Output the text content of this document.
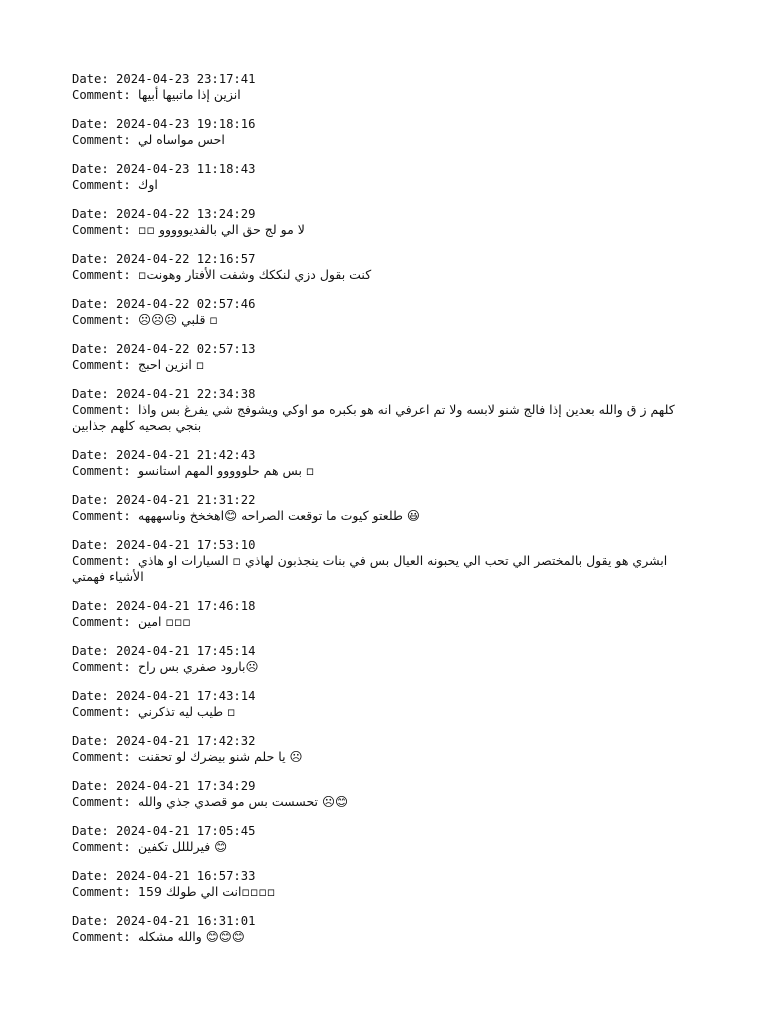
Date: 2024-04-23 23:17:41
Comment: انزين إذا ماتبيها أبيها
Date: 2024-04-23 19:18:16
Comment: احس مواساه لي
Date: 2024-04-23 11:18:43
Comment: اوك
Date: 2024-04-22 13:24:29
Comment: لا مو لج حق الي بالفديووووو ▫▫
Date: 2024-04-22 12:16:57
Comment: كنت بقول دزي لنككك وشفت الأفتار وهونت▫
Date: 2024-04-22 02:57:46
Comment: ▫ قلبي ☹☹☹
Date: 2024-04-22 02:57:13
Comment: ▫ انزين احبج
Date: 2024-04-21 22:34:38
Comment: كلهم ز ق والله بعدين إذا فالج شنو لابسه ولا تم اعرفي انه هو بكبره مو اوكي ويشوفج شي يفرغ بس واذا بنجي بصحيه كلهم جذابين
Date: 2024-04-21 21:42:43
Comment: ▫ بس هم حلووووو المهم استانسو
Date: 2024-04-21 21:31:22
Comment: 😃 طلعتو كيوت ما توقعت الصراحه 😊اهخخخ وناسهههه
Date: 2024-04-21 17:53:10
Comment: ابشري هو يقول بالمختصر الي تحب الي يحبونه العيال بس في بنات ينجذبون لهاذي ▫ السيارات او هاذي الأشياء فهمتي
Date: 2024-04-21 17:46:18
Comment: ▫▫▫ امين
Date: 2024-04-21 17:45:14
Comment: ☹بارود صفري بس راح
Date: 2024-04-21 17:43:14
Comment: ▫ طيب ليه تذكرني
Date: 2024-04-21 17:42:32
Comment: ☹ يا حلم شنو بيضرك لو تحقنت
Date: 2024-04-21 17:34:29
Comment: 😊☹ تحسست بس مو قصدي جذي والله
Date: 2024-04-21 17:05:45
Comment: 😊 فيرلللل تكفين
Date: 2024-04-21 16:57:33
Comment: ▫▫▫▫انت الي طولك 159
Date: 2024-04-21 16:31:01
Comment: 😊😊😊 والله مشكله
